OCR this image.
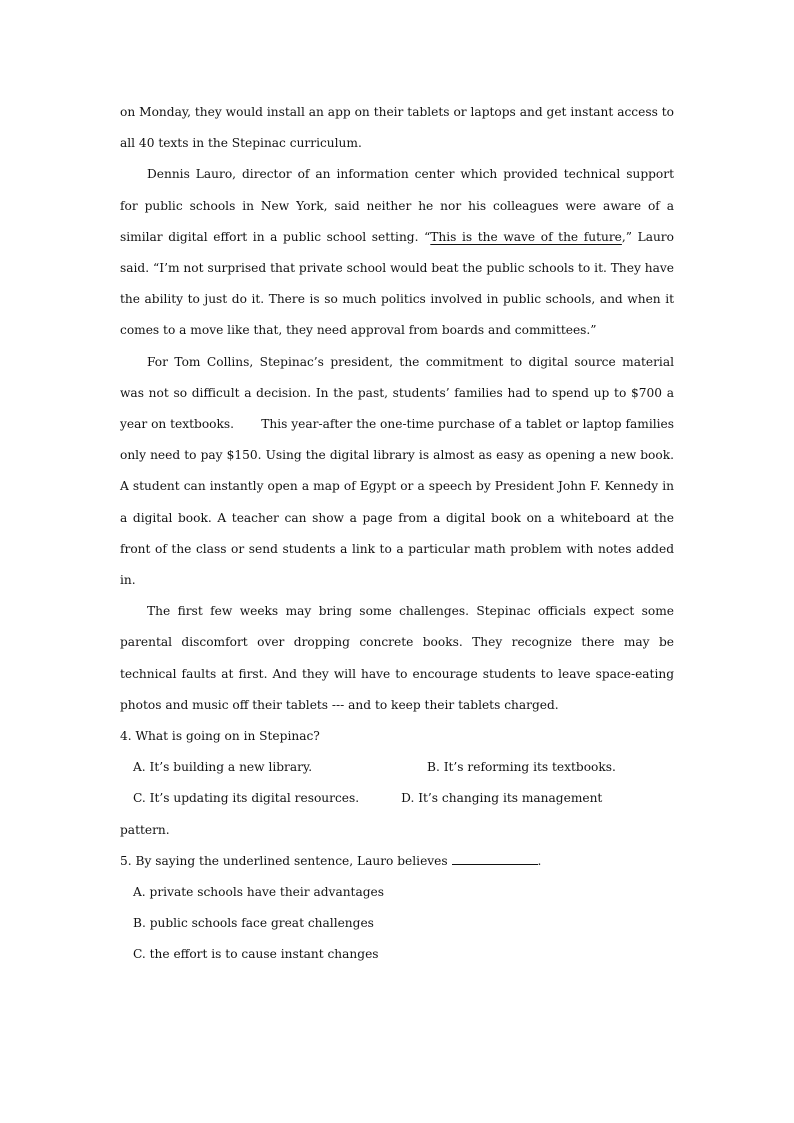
on Monday, they would install an app on their tablets or laptops and get instant access to all 40 texts in the Stepinac curriculum.

Dennis Lauro, director of an information center which provided technical support for public schools in New York, said neither he nor his colleagues were aware of a similar digital effort in a public school setting. “This is the wave of the future,” Lauro said. “I’m not surprised that private school would beat the public schools to it. They have the ability to just do it. There is so much politics involved in public schools, and when it comes to a move like that, they need approval from boards and committees.”

For Tom Collins, Stepinac’s president, the commitment to digital source material was not so difficult a decision. In the past, students’ families had to spend up to $700 a year on textbooks.       This year-after the one-time purchase of a tablet or laptop families only need to pay $150. Using the digital library is almost as easy as opening a new book. A student can instantly open a map of Egypt or a speech by President John F. Kennedy in a digital book. A teacher can show a page from a digital book on a whiteboard at the front of the class or send students a link to a particular math problem with notes added in.

The first few weeks may bring some challenges. Stepinac officials expect some parental discomfort over dropping concrete books. They recognize there may be technical faults at first. And they will have to encourage students to leave space-eating photos and music off their tablets --- and to keep their tablets charged.

4. What is going on in Stepinac?
A. It’s building a new library.	B. It’s reforming its textbooks.
C. It’s updating its digital resources.	D. It’s changing its management
pattern.
5. By saying the underlined sentence, Lauro believes	.
A. private schools have their advantages
B. public schools face great challenges
C. the effort is to cause instant changes
